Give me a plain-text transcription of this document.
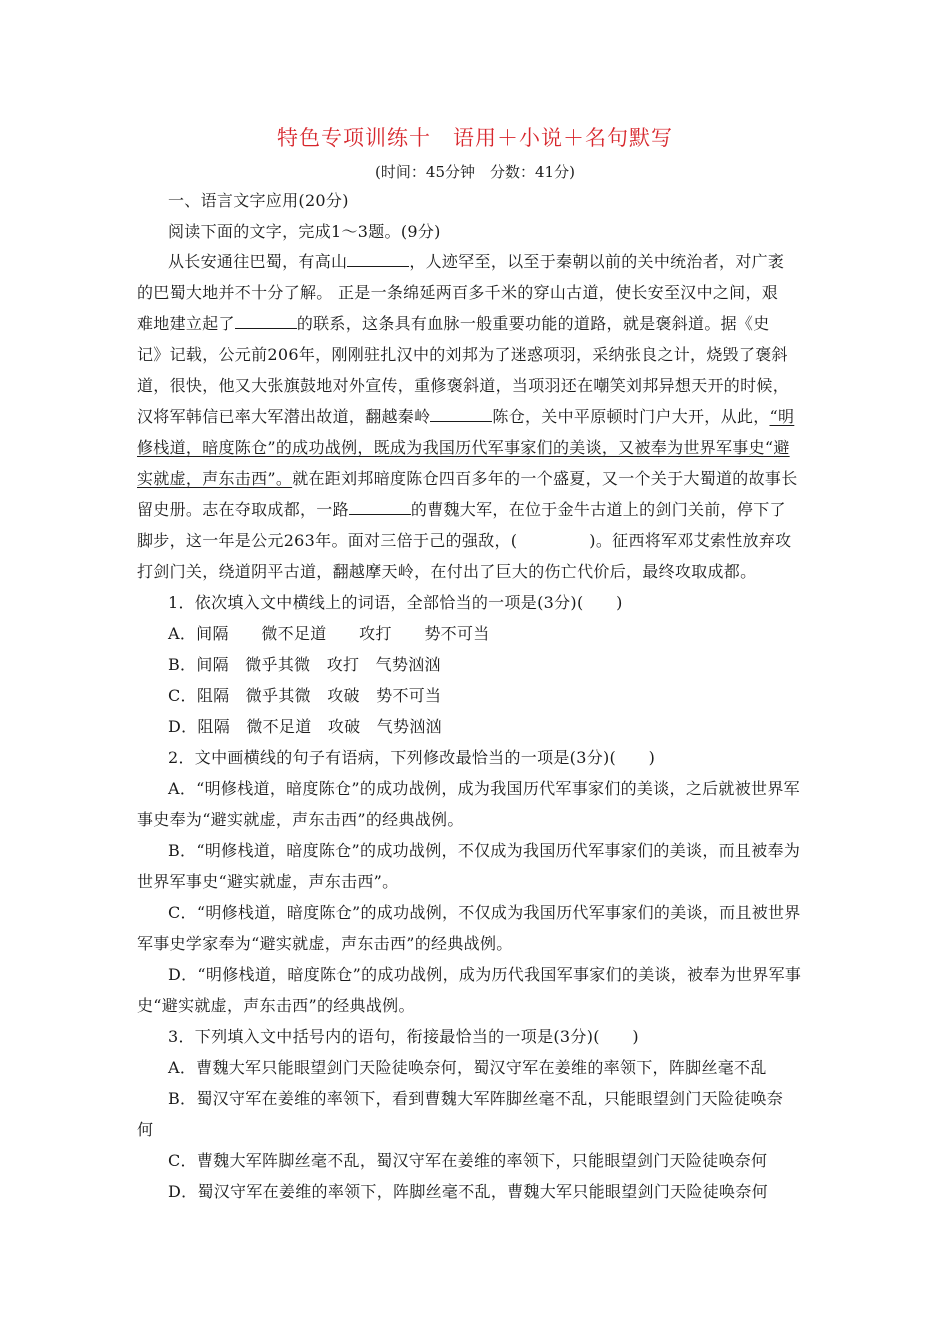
特色专项训练十　语用＋小说＋名句默写
(时间：45分钟　分数：41分)
一、语言文字应用(20分)
阅读下面的文字，完成1～3题。(9分)
从长安通往巴蜀，有高山	，人迹罕至，以至于秦朝以前的关中统治者，对广袤
的巴蜀大地并不十分了解。 正是一条绵延两百多千米的穿山古道，使长安至汉中之间，艰
难地建立起了	的联系，这条具有血脉一般重要功能的道路，就是褒斜道。据《史
记》记载，公元前206年，刚刚驻扎汉中的刘邦为了迷惑项羽，采纳张良之计，烧毁了褒斜
道，很快，他又大张旗鼓地对外宣传，重修褒斜道，当项羽还在嘲笑刘邦异想天开的时候，
汉将军韩信已率大军潜出故道，翻越秦岭	陈仓，关中平原顿时门户大开，从此，“明
修栈道，暗度陈仓”的成功战例，既成为我国历代军事家们的美谈，又被奉为世界军事史“避
实就虚，声东击西”。就在距刘邦暗度陈仓四百多年的一个盛夏，又一个关于大蜀道的故事长
留史册。志在夺取成都，一路	的曹魏大军，在位于金牛古道上的剑门关前，停下了
脚步，这一年是公元263年。面对三倍于己的强敌，(	)。征西将军邓艾索性放弃攻
打剑门关，绕道阴平古道，翻越摩天岭，在付出了巨大的伤亡代价后，最终攻取成都。
1．依次填入文中横线上的词语，全部恰当的一项是(3分)(　　)
A．间隔　　微不足道　　攻打　　势不可当
B．间隔　微乎其微　攻打　气势汹汹
C．阻隔　微乎其微　攻破　势不可当
D．阻隔　微不足道　攻破　气势汹汹
2．文中画横线的句子有语病，下列修改最恰当的一项是(3分)(　　)
A．“明修栈道，暗度陈仓”的成功战例，成为我国历代军事家们的美谈，之后就被世界军
事史奉为“避实就虚，声东击西”的经典战例。
B．“明修栈道，暗度陈仓”的成功战例，不仅成为我国历代军事家们的美谈，而且被奉为
世界军事史“避实就虚，声东击西”。
C．“明修栈道，暗度陈仓”的成功战例，不仅成为我国历代军事家们的美谈，而且被世界
军事史学家奉为“避实就虚，声东击西”的经典战例。
D．“明修栈道，暗度陈仓”的成功战例，成为历代我国军事家们的美谈，被奉为世界军事
史“避实就虚，声东击西”的经典战例。
3．下列填入文中括号内的语句，衔接最恰当的一项是(3分)(　　)
A．曹魏大军只能眼望剑门天险徒唤奈何，蜀汉守军在姜维的率领下，阵脚丝毫不乱
B．蜀汉守军在姜维的率领下，看到曹魏大军阵脚丝毫不乱，只能眼望剑门天险徒唤奈
何
C．曹魏大军阵脚丝毫不乱，蜀汉守军在姜维的率领下，只能眼望剑门天险徒唤奈何
D．蜀汉守军在姜维的率领下，阵脚丝毫不乱，曹魏大军只能眼望剑门天险徒唤奈何
